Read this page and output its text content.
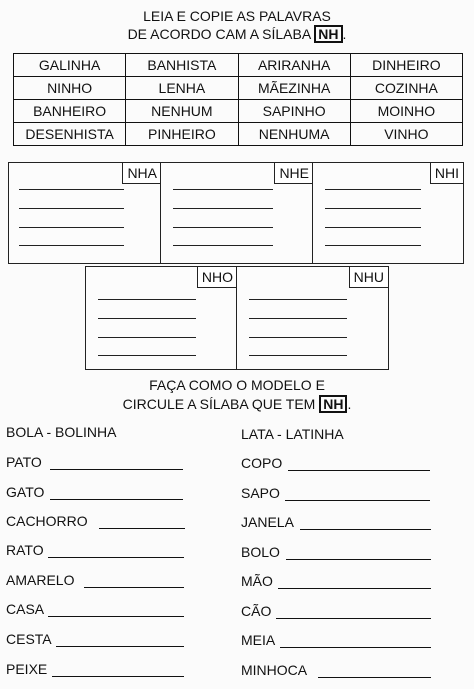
LEIA E COPIE AS PALAVRAS
DE ACORDO CAM A SÍLABA NH .
GALINHA	BANHISTA	ARIRANHA	DINHEIRO
NINHO	LENHA	MÃEZINHA	COZINHA
BANHEIRO	NENHUM	SAPINHO	MOINHO
DESENHISTA	PINHEIRO	NENHUMA	VINHO
NHA	NHE	NHI
NHO	NHU
FAÇA COMO O MODELO E
CIRCULE A SÍLABA QUE TEM NH .
BOLA - BOLINHA
PATO
GATO
CACHORRO
RATO
AMARELO
CASA
CESTA
PEIXE
LATA - LATINHA
COPO
SAPO
JANELA
BOLO
MÃO
CÃO
MEIA
MINHOCA
